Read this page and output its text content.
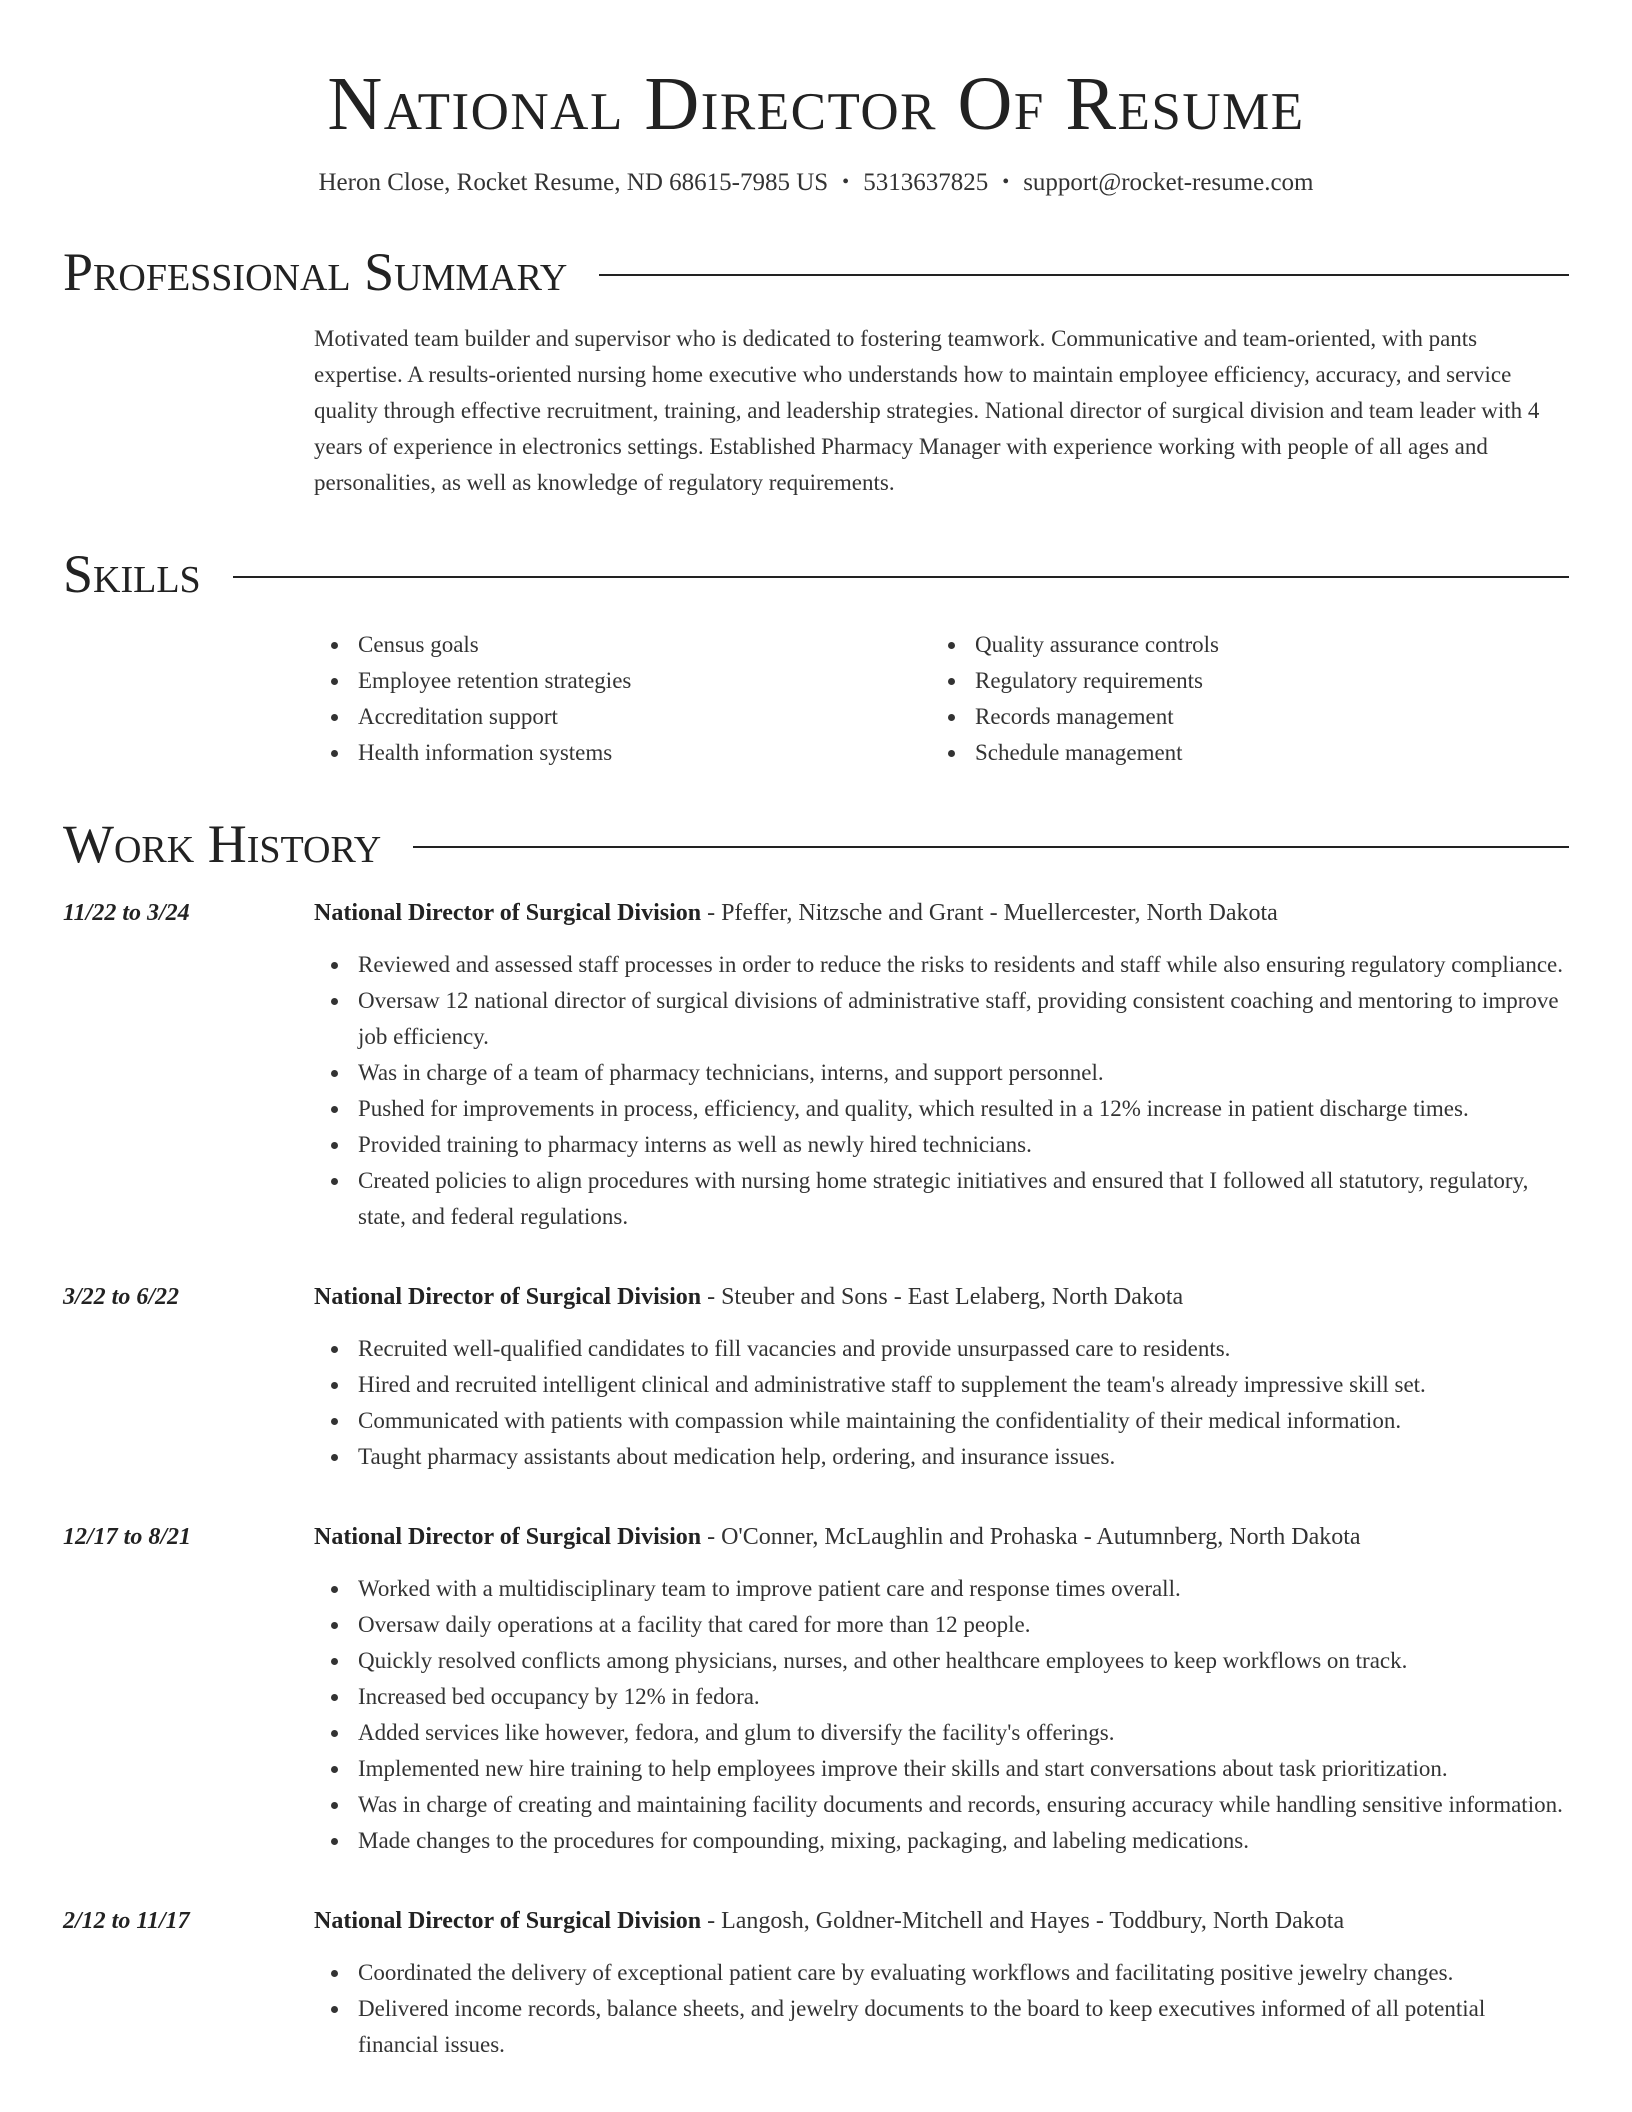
National Director Of Resume
Heron Close, Rocket Resume, ND 68615-7985 US • 5313637825 • support@rocket-resume.com
Professional Summary

Motivated team builder and supervisor who is dedicated to fostering teamwork. Communicative and team-oriented, with pants expertise. A results-oriented nursing home executive who understands how to maintain employee efficiency, accuracy, and service quality through effective recruitment, training, and leadership strategies. National director of surgical division and team leader with 4 years of experience in electronics settings. Established Pharmacy Manager with experience working with people of all ages and personalities, as well as knowledge of regulatory requirements.

Skills
Census goals
Employee retention strategies
Accreditation support
Health information systems
Quality assurance controls
Regulatory requirements
Records management
Schedule management
Work History
11/22 to 3/24	National Director of Surgical Division - Pfeffer, Nitzsche and Grant - Muellercester, North Dakota
Reviewed and assessed staff processes in order to reduce the risks to residents and staff while also ensuring regulatory compliance.
Oversaw 12 national director of surgical divisions of administrative staff, providing consistent coaching and mentoring to improve job efficiency.
Was in charge of a team of pharmacy technicians, interns, and support personnel.
Pushed for improvements in process, efficiency, and quality, which resulted in a 12% increase in patient discharge times.
Provided training to pharmacy interns as well as newly hired technicians.
Created policies to align procedures with nursing home strategic initiatives and ensured that I followed all statutory, regulatory, state, and federal regulations.
3/22 to 6/22	National Director of Surgical Division - Steuber and Sons - East Lelaberg, North Dakota
Recruited well-qualified candidates to fill vacancies and provide unsurpassed care to residents.
Hired and recruited intelligent clinical and administrative staff to supplement the team's already impressive skill set.
Communicated with patients with compassion while maintaining the confidentiality of their medical information.
Taught pharmacy assistants about medication help, ordering, and insurance issues.
12/17 to 8/21	National Director of Surgical Division - O'Conner, McLaughlin and Prohaska - Autumnberg, North Dakota
Worked with a multidisciplinary team to improve patient care and response times overall.
Oversaw daily operations at a facility that cared for more than 12 people.
Quickly resolved conflicts among physicians, nurses, and other healthcare employees to keep workflows on track.
Increased bed occupancy by 12% in fedora.
Added services like however, fedora, and glum to diversify the facility's offerings.
Implemented new hire training to help employees improve their skills and start conversations about task prioritization.
Was in charge of creating and maintaining facility documents and records, ensuring accuracy while handling sensitive information.
Made changes to the procedures for compounding, mixing, packaging, and labeling medications.
2/12 to 11/17	National Director of Surgical Division - Langosh, Goldner-Mitchell and Hayes - Toddbury, North Dakota
Coordinated the delivery of exceptional patient care by evaluating workflows and facilitating positive jewelry changes.
Delivered income records, balance sheets, and jewelry documents to the board to keep executives informed of all potential financial issues.
